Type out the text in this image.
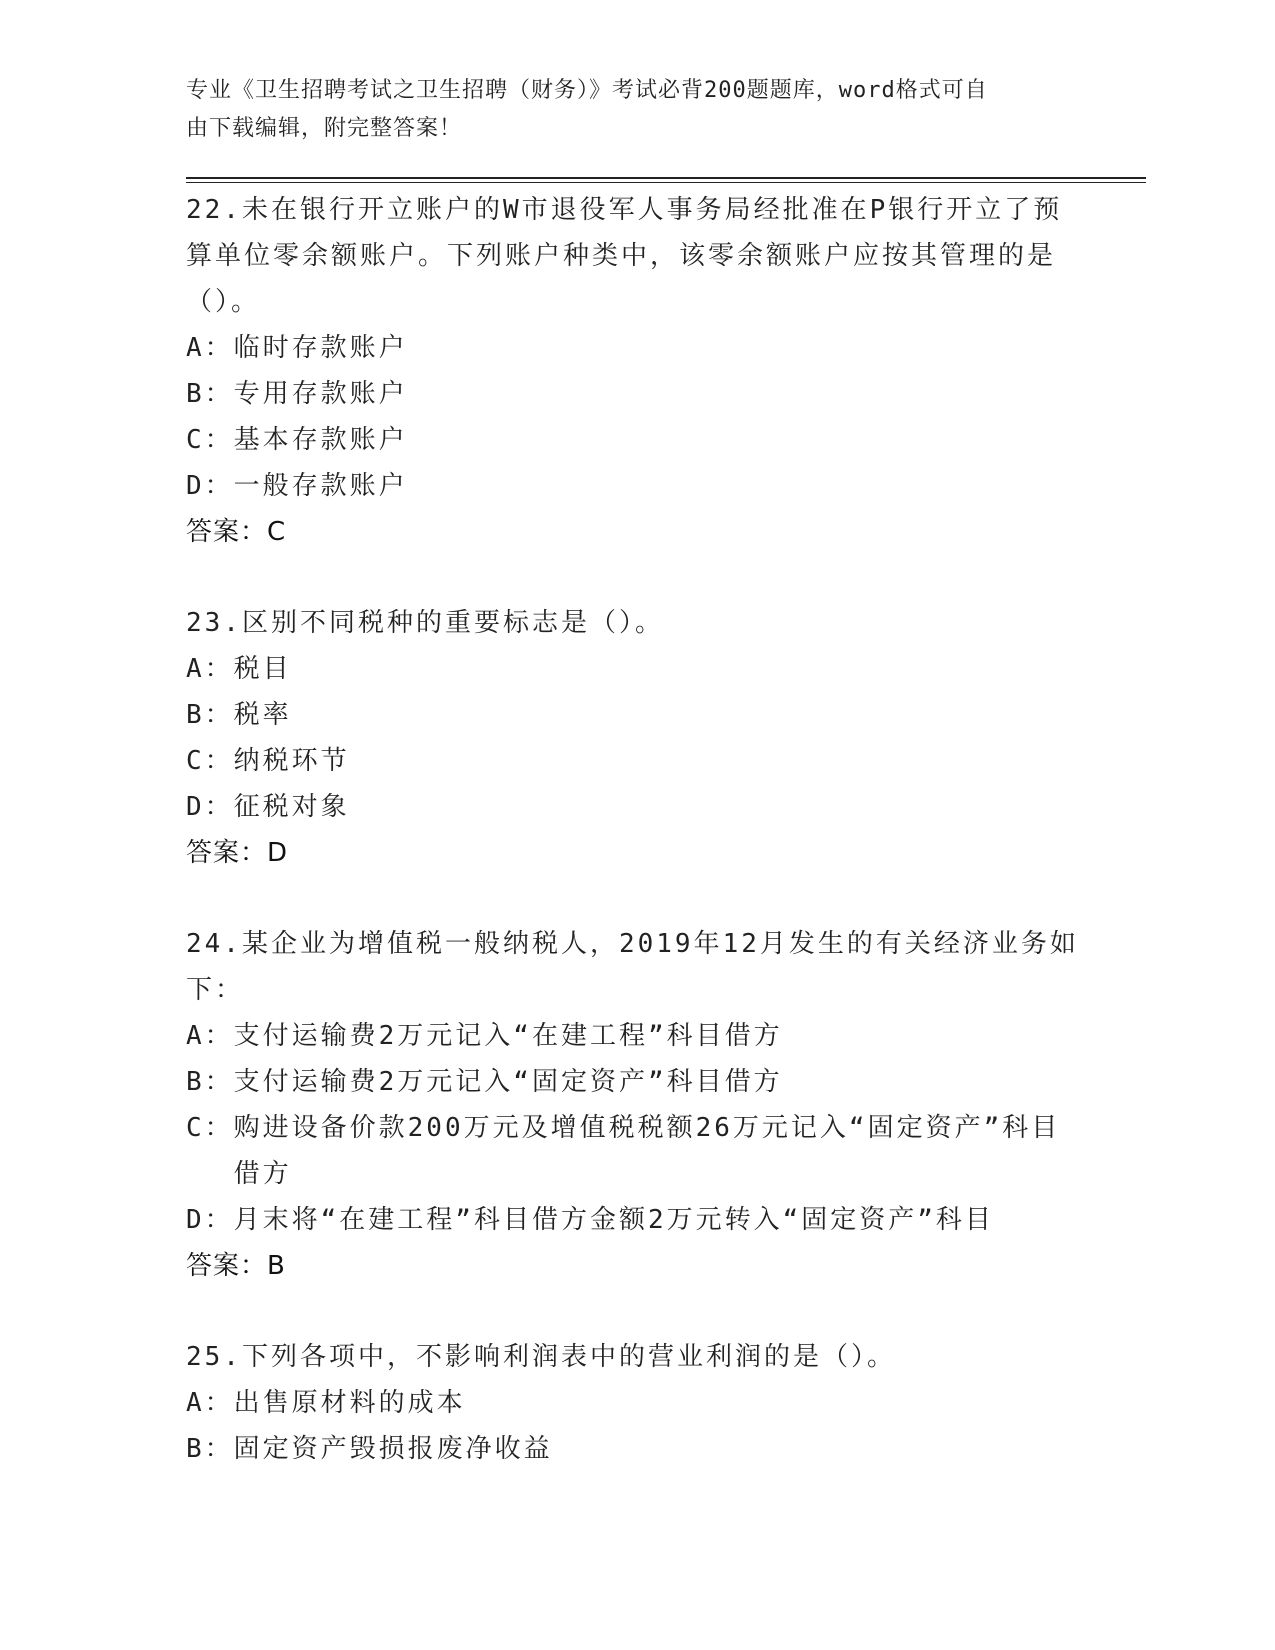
专业《卫生招聘考试之卫生招聘（财务）》考试必背200题题库，word格式可自
由下载编辑，附完整答案！
22.未在银行开立账户的W市退役军人事务局经批准在P银行开立了预算单位零余额账户。下列账户种类中，该零余额账户应按其管理的是（）。
A： 临时存款账户
B： 专用存款账户
C： 基本存款账户
D： 一般存款账户
答案：C
23.区别不同税种的重要标志是（）。
A： 税目
B： 税率
C： 纳税环节
D： 征税对象
答案：D
24.某企业为增值税一般纳税人，2019年12月发生的有关经济业务如下：
A： 支付运输费2万元记入“在建工程”科目借方
B： 支付运输费2万元记入“固定资产”科目借方
C： 购进设备价款200万元及增值税税额26万元记入“固定资产”科目借方
D： 月末将“在建工程”科目借方金额2万元转入“固定资产”科目
答案：B
25.下列各项中，不影响利润表中的营业利润的是（）。
A： 出售原材料的成本
B： 固定资产毁损报废净收益
